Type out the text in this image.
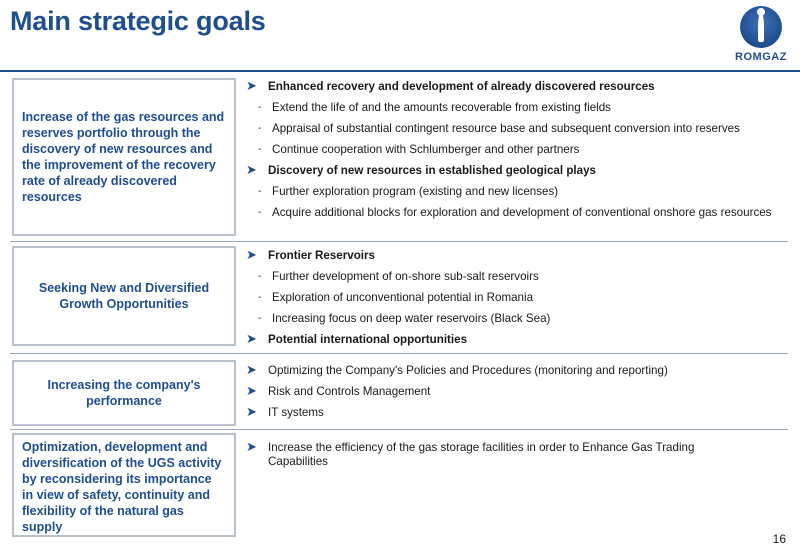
Main strategic goals
ROMGAZ
Increase of the gas resources and reserves portfolio through the discovery of new resources and the improvement of the recovery rate of already discovered resources
➤ Enhanced recovery and development of already discovered resources
- Extend the life of and the amounts recoverable from existing fields
- Appraisal of substantial contingent resource base and subsequent conversion into reserves
- Continue cooperation with Schlumberger and other partners
➤ Discovery of new resources in established geological plays
- Further exploration program (existing and new licenses)
- Acquire additional blocks for exploration and development of conventional onshore gas resources
Seeking New and Diversified Growth Opportunities
➤ Frontier Reservoirs
- Further development of on-shore sub-salt reservoirs
- Exploration of unconventional potential in Romania
- Increasing focus on deep water reservoirs (Black Sea)
➤ Potential international opportunities
Increasing the company's performance
➤ Optimizing the Company's Policies and Procedures (monitoring and reporting)
➤ Risk and Controls Management
➤ IT systems
Optimization, development and diversification of the UGS activity by reconsidering its importance in view of safety, continuity and flexibility of the natural gas supply
➤ Increase the efficiency of the gas storage facilities in order to Enhance Gas Trading Capabilities
16
